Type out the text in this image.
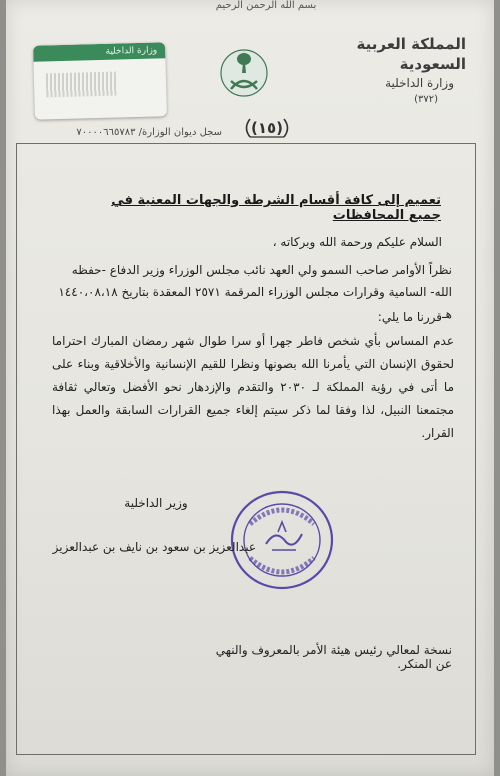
بسم الله الرحمن الرحيم
المملكة العربية السعودية
وزارة الداخلية
(٣٧٢)
وزارة الداخلية

سجل ديوان الوزارة/ ٧٠٠٠٠٦٦٥٧٨٣	(١٥)
تعميم إلى كافة أقسام الشرطة والجهات المعنية في جميع المحافظات
السلام عليكم ورحمة الله وبركاته ،
نظراً الأوامر صاحب السمو ولي العهد نائب مجلس الوزراء وزير الدفاع -حفظه الله- السامية وقرارات مجلس الوزراء المرقمة ٢٥٧١ المعقدة بتاريخ ١٤٤٠،٠٨،١٨ هـ
قررنا ما يلي:
عدم المساس بأي شخص فاطر جهرا أو سرا طوال شهر رمضان المبارك احتراما لحقوق الإنسان التي يأمرنا الله بصونها ونظرا للقيم الإنسانية والأخلاقية وبناء على ما أتى في رؤية المملكة لـ ٢٠٣٠ والتقدم والإزدهار نحو الأفضل وتعالي ثقافة مجتمعنا النبيل، لذا وفقا لما ذكر سيتم إلغاء جميع القرارات السابقة والعمل بهذا القرار.
وزير الداخلية
عبدالعزيز بن سعود بن نايف بن عبدالعزيز
نسخة لمعالي رئيس هيئة الأمر بالمعروف والنهي عن المنكر.
